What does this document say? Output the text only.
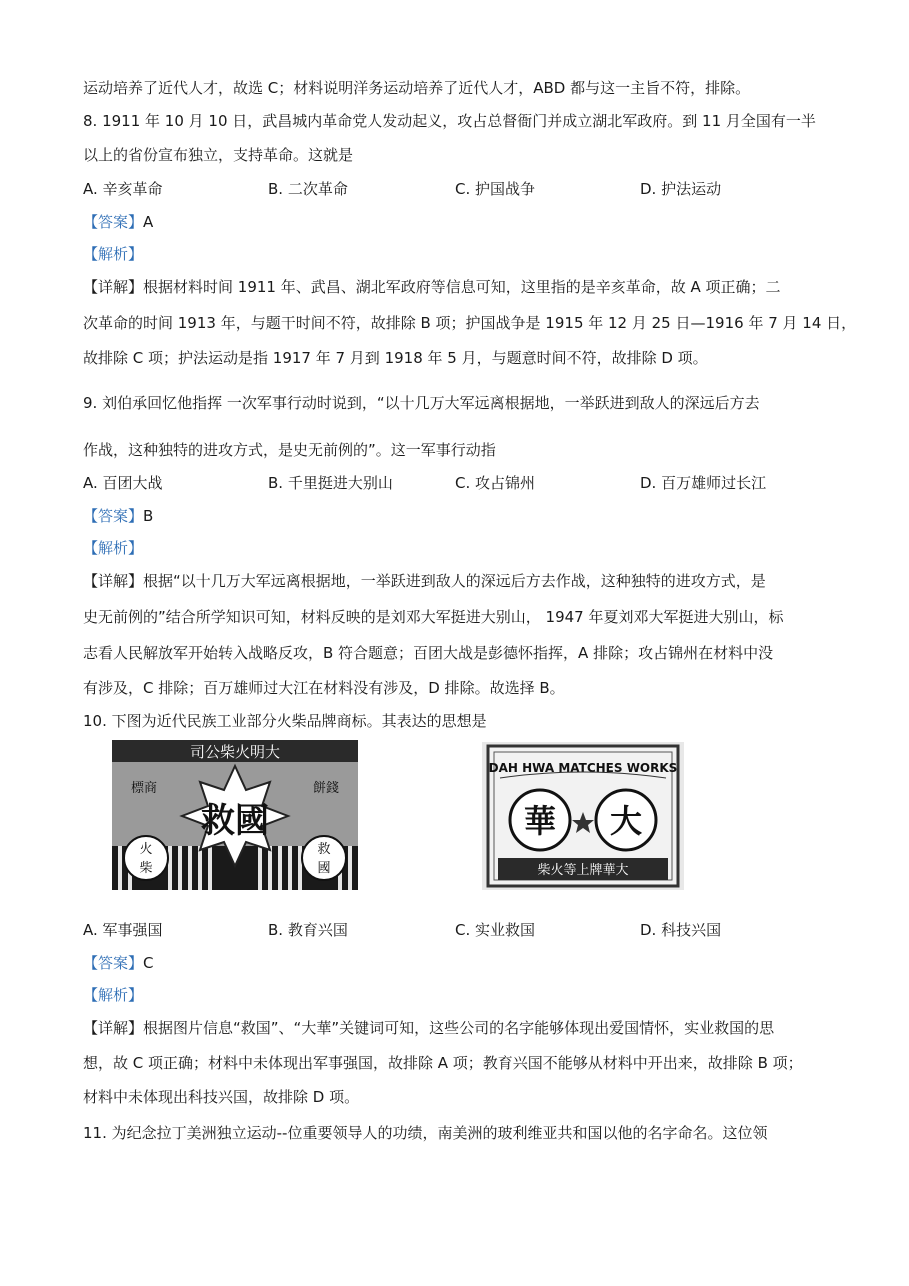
运动培养了近代人才，故选 C；材料说明洋务运动培养了近代人才，ABD 都与这一主旨不符，排除。
8. 1911 年 10 月 10 日，武昌城内革命党人发动起义，攻占总督衙门并成立湖北军政府。到 11 月全国有一半
以上的省份宣布独立，支持革命。这就是
A. 辛亥革命	B. 二次革命	C. 护国战争	D. 护法运动
【答案】A
【解析】
【详解】根据材料时间 1911 年、武昌、湖北军政府等信息可知，这里指的是辛亥革命，故 A 项正确；二
次革命的时间 1913 年，与题干时间不符，故排除 B 项；护国战争是 1915 年 12 月 25 日—1916 年 7 月 14 日，
故排除 C 项；护法运动是指 1917 年 7 月到 1918 年 5 月，与题意时间不符，故排除 D 项。
9. 刘伯承回忆他指挥 一次军事行动时说到，“以十几万大军远离根据地，一举跃进到敌人的深远后方去
作战，这种独特的进攻方式，是史无前例的”。这一军事行动指
A. 百团大战	B. 千里挺进大别山	C. 攻占锦州	D. 百万雄师过长江
【答案】B
【解析】
【详解】根据“以十几万大军远离根据地，一举跃进到敌人的深远后方去作战，这种独特的进攻方式，是
史无前例的”结合所学知识可知，材料反映的是刘邓大军挺进大别山， 1947 年夏刘邓大军挺进大别山，标
志看人民解放军开始转入战略反攻，B 符合题意；百团大战是彭德怀指挥，A 排除；攻占锦州在材料中没
有涉及，C 排除；百万雄师过大江在材料没有涉及，D 排除。故选择 B。
10. 下图为近代民族工业部分火柴品牌商标。其表达的思想是
司公柴火明大
標商	餅錢
救國
火
柴
救
國
DAH HWA MATCHES WORKS
華 大
柴火等上牌華大
A. 军事强国	B. 教育兴国	C. 实业救国	D. 科技兴国
【答案】C
【解析】
【详解】根据图片信息“救国”、“大華”关键词可知，这些公司的名字能够体现出爱国情怀，实业救国的思
想，故 C 项正确；材料中未体现出军事强国，故排除 A 项；教育兴国不能够从材料中开出来，故排除 B 项；
材料中未体现出科技兴国，故排除 D 项。
11. 为纪念拉丁美洲独立运动--位重要领导人的功绩，南美洲的玻利维亚共和国以他的名字命名。这位领
